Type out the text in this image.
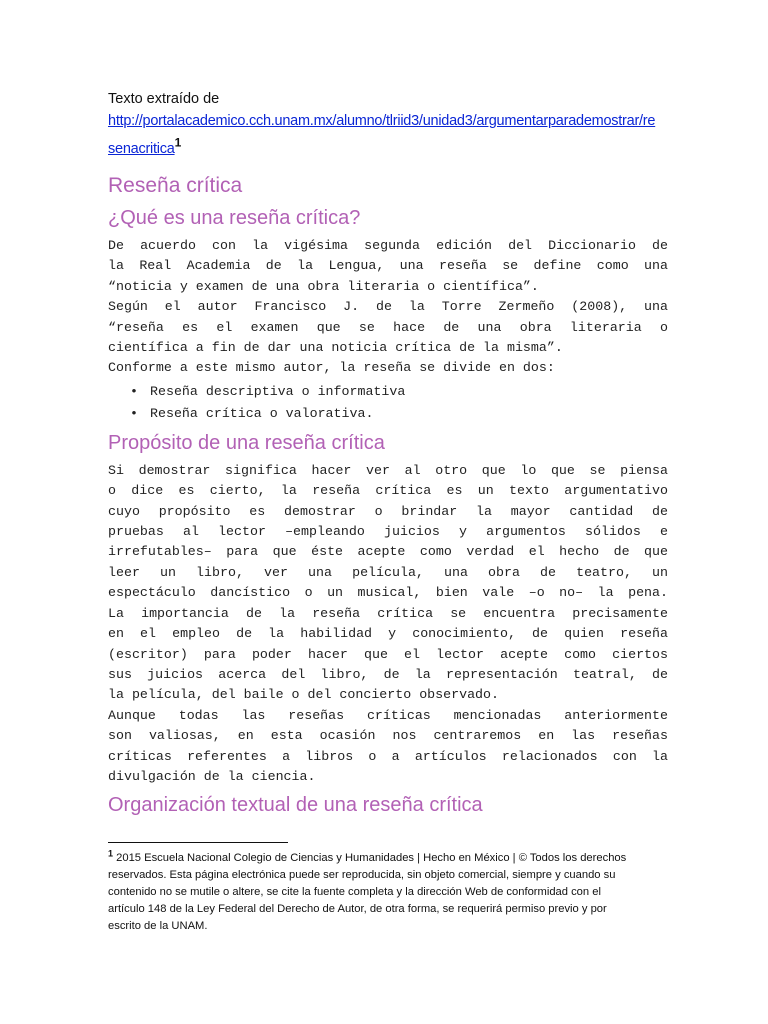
Texto extraído de

http://portalacademico.cch.unam.mx/alumno/tlriid3/unidad3/argumentarparademostrar/re
senacritica$^1$
Reseña crítica
¿Qué es una reseña crítica?
De acuerdo con la vigésima segunda edición del Diccionario de
la Real Academia de la Lengua, una reseña se define como una
“noticia y examen de una obra literaria o científica”.
Según el autor Francisco J. de la Torre Zermeño (2008), una
“reseña es el examen que se hace de una obra literaria o
científica a fin de dar una noticia crítica de la misma”.
Conforme a este mismo autor, la reseña se divide en dos:
• Reseña descriptiva o informativa
• Reseña crítica o valorativa.
Propósito de una reseña crítica
Si demostrar significa hacer ver al otro que lo que se piensa
o dice es cierto, la reseña crítica es un texto argumentativo
cuyo propósito es demostrar o brindar la mayor cantidad de
pruebas al lector –empleando juicios y argumentos sólidos e
irrefutables– para que éste acepte como verdad el hecho de que
leer un libro, ver una película, una obra de teatro, un
espectáculo dancístico o un musical, bien vale –o no– la pena.
La importancia de la reseña crítica se encuentra precisamente
en el empleo de la habilidad y conocimiento, de quien reseña
(escritor) para poder hacer que el lector acepte como ciertos
sus juicios acerca del libro, de la representación teatral, de
la película, del baile o del concierto observado.
Aunque todas las reseñas críticas mencionadas anteriormente
son valiosas, en esta ocasión nos centraremos en las reseñas
críticas referentes a libros o a artículos relacionados con la
divulgación de la ciencia.
Organización textual de una reseña crítica
$^1$ 2015 Escuela Nacional Colegio de Ciencias y Humanidades | Hecho en México | © Todos los derechos reservados. Esta página electrónica puede ser reproducida, sin objeto comercial, siempre y cuando su contenido no se mutile o altere, se cite la fuente completa y la dirección Web de conformidad con el artículo 148 de la Ley Federal del Derecho de Autor, de otra forma, se requerirá permiso previo y por escrito de la UNAM.
